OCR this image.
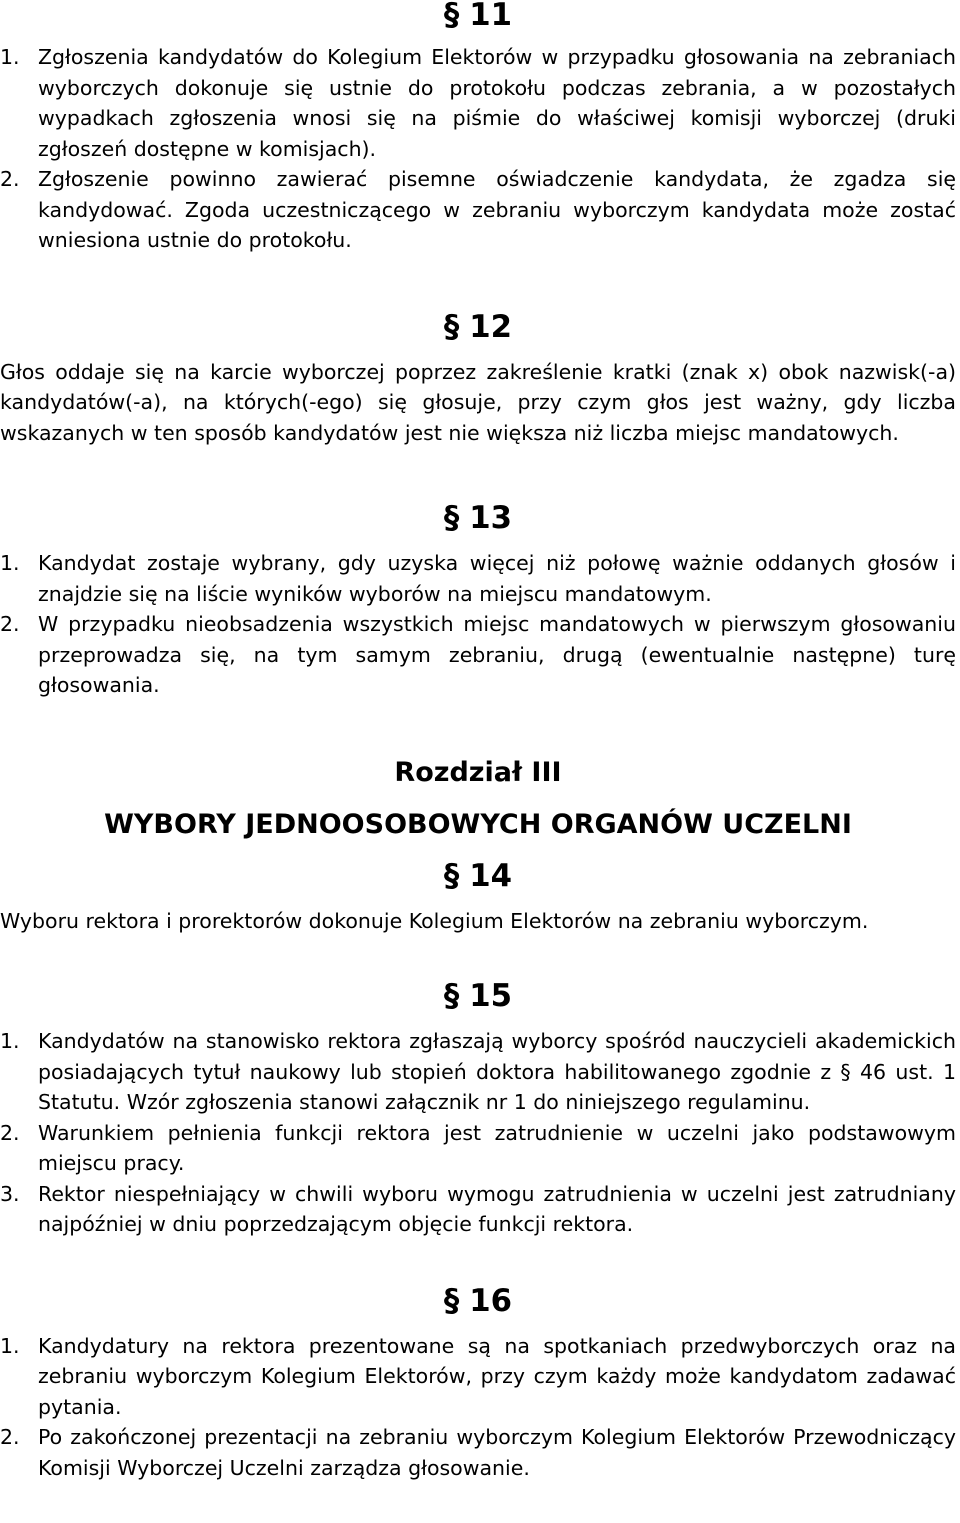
§ 11
1. Zgłoszenia kandydatów do Kolegium Elektorów w przypadku głosowania na zebraniach wyborczych dokonuje się ustnie do protokołu podczas zebrania, a w pozostałych wypadkach zgłoszenia wnosi się na piśmie do właściwej komisji wyborczej (druki zgłoszeń dostępne w komisjach).
2. Zgłoszenie powinno zawierać pisemne oświadczenie kandydata, że zgadza się kandydować. Zgoda uczestniczącego w zebraniu wyborczym kandydata może zostać wniesiona ustnie do protokołu.
§ 12

Głos oddaje się na karcie wyborczej poprzez zakreślenie kratki (znak x) obok nazwisk(-a) kandydatów(-a), na których(-ego) się głosuje, przy czym głos jest ważny, gdy liczba wskazanych w ten sposób kandydatów jest nie większa niż liczba miejsc mandatowych.

§ 13
1. Kandydat zostaje wybrany, gdy uzyska więcej niż połowę ważnie oddanych głosów i znajdzie się na liście wyników wyborów na miejscu mandatowym.
2. W przypadku nieobsadzenia wszystkich miejsc mandatowych w pierwszym głosowaniu przeprowadza się, na tym samym zebraniu, drugą (ewentualnie następne) turę głosowania.
Rozdział III
WYBORY JEDNOOSOBOWYCH ORGANÓW UCZELNI
§ 14

Wyboru rektora i prorektorów dokonuje Kolegium Elektorów na zebraniu wyborczym.

§ 15
1. Kandydatów na stanowisko rektora zgłaszają wyborcy spośród nauczycieli akademickich posiadających tytuł naukowy lub stopień doktora habilitowanego zgodnie z § 46 ust. 1 Statutu. Wzór zgłoszenia stanowi załącznik nr 1 do niniejszego regulaminu.
2. Warunkiem pełnienia funkcji rektora jest zatrudnienie w uczelni jako podstawowym miejscu pracy.
3. Rektor niespełniający w chwili wyboru wymogu zatrudnienia w uczelni jest zatrudniany najpóźniej w dniu poprzedzającym objęcie funkcji rektora.
§ 16
1. Kandydatury na rektora prezentowane są na spotkaniach przedwyborczych oraz na zebraniu wyborczym Kolegium Elektorów, przy czym każdy może kandydatom zadawać pytania.
2. Po zakończonej prezentacji na zebraniu wyborczym Kolegium Elektorów Przewodniczący Komisji Wyborczej Uczelni zarządza głosowanie.
